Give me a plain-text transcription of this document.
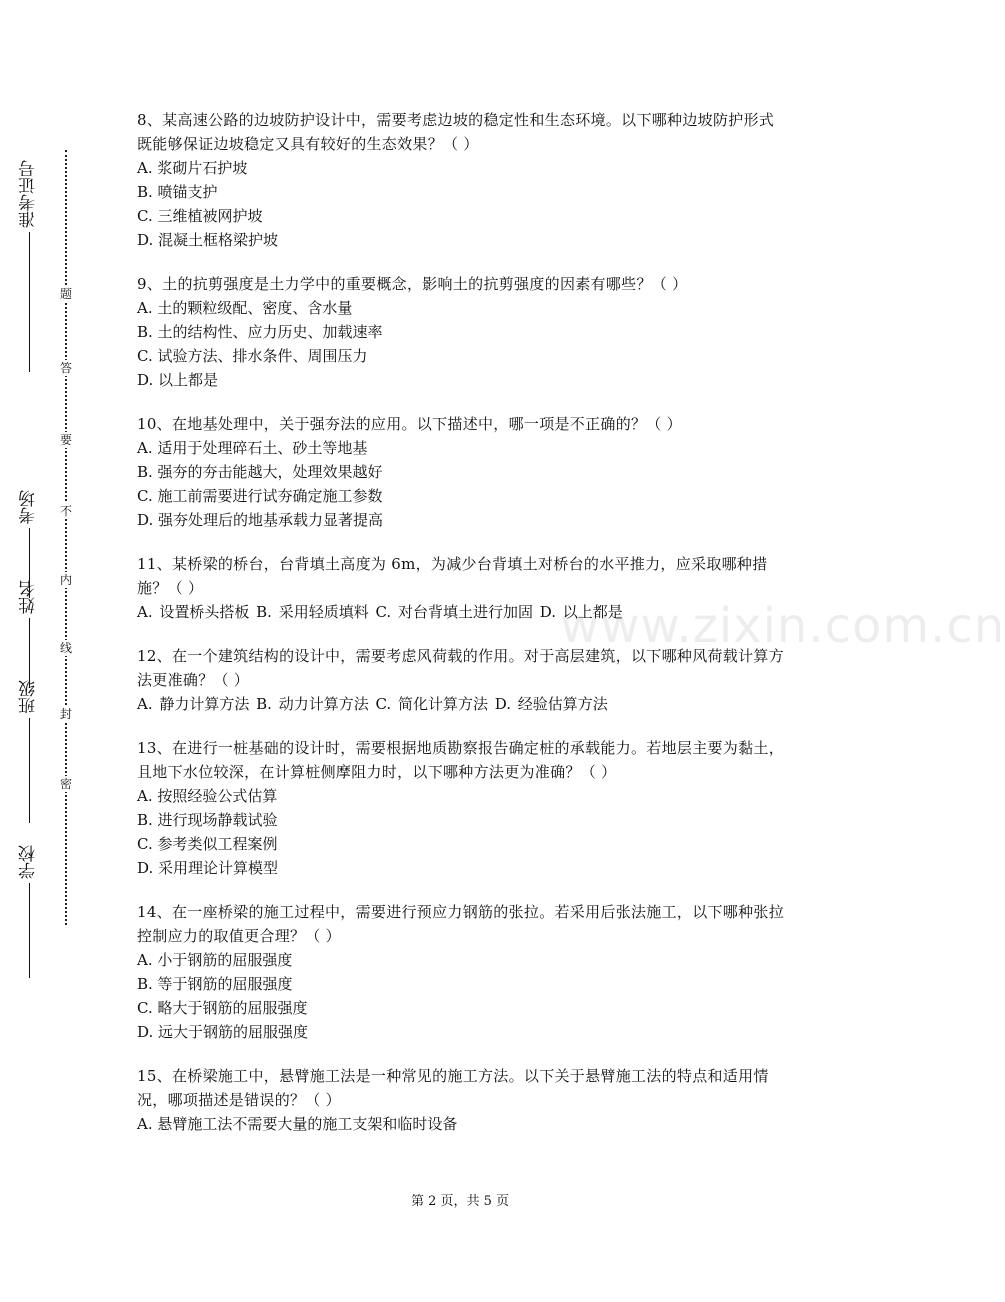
准考证号
考场
姓名
班级
学校
题
答
要
不
内
线
封
密

8、某高速公路的边坡防护设计中，需要考虑边坡的稳定性和生态环境。以下哪种边坡防护形式既能够保证边坡稳定又具有较好的生态效果？（ ）

A. 浆砌片石护坡

B. 喷锚支护

C. 三维植被网护坡

D. 混凝土框格梁护坡

9、土的抗剪强度是土力学中的重要概念，影响土的抗剪强度的因素有哪些？（ ）

A. 土的颗粒级配、密度、含水量

B. 土的结构性、应力历史、加载速率

C. 试验方法、排水条件、周围压力

D. 以上都是

10、在地基处理中，关于强夯法的应用。以下描述中，哪一项是不正确的？（ ）

A. 适用于处理碎石土、砂土等地基

B. 强夯的夯击能越大，处理效果越好

C. 施工前需要进行试夯确定施工参数

D. 强夯处理后的地基承载力显著提高

11、某桥梁的桥台，台背填土高度为 6m，为减少台背填土对桥台的水平推力，应采取哪种措施？（ ）

A. 设置桥头搭板 B. 采用轻质填料 C. 对台背填土进行加固 D. 以上都是

12、在一个建筑结构的设计中，需要考虑风荷载的作用。对于高层建筑，以下哪种风荷载计算方法更准确？（ ）

A. 静力计算方法 B. 动力计算方法 C. 简化计算方法 D. 经验估算方法

13、在进行一桩基础的设计时，需要根据地质勘察报告确定桩的承载能力。若地层主要为黏土，且地下水位较深，在计算桩侧摩阻力时，以下哪种方法更为准确？（ ）

A. 按照经验公式估算

B. 进行现场静载试验

C. 参考类似工程案例

D. 采用理论计算模型

14、在一座桥梁的施工过程中，需要进行预应力钢筋的张拉。若采用后张法施工，以下哪种张拉控制应力的取值更合理？（ ）

A. 小于钢筋的屈服强度

B. 等于钢筋的屈服强度

C. 略大于钢筋的屈服强度

D. 远大于钢筋的屈服强度

15、在桥梁施工中，悬臂施工法是一种常见的施工方法。以下关于悬臂施工法的特点和适用情况，哪项描述是错误的？（ ）

A. 悬臂施工法不需要大量的施工支架和临时设备

www.zixin.com.cn
第 2 页，共 5 页
